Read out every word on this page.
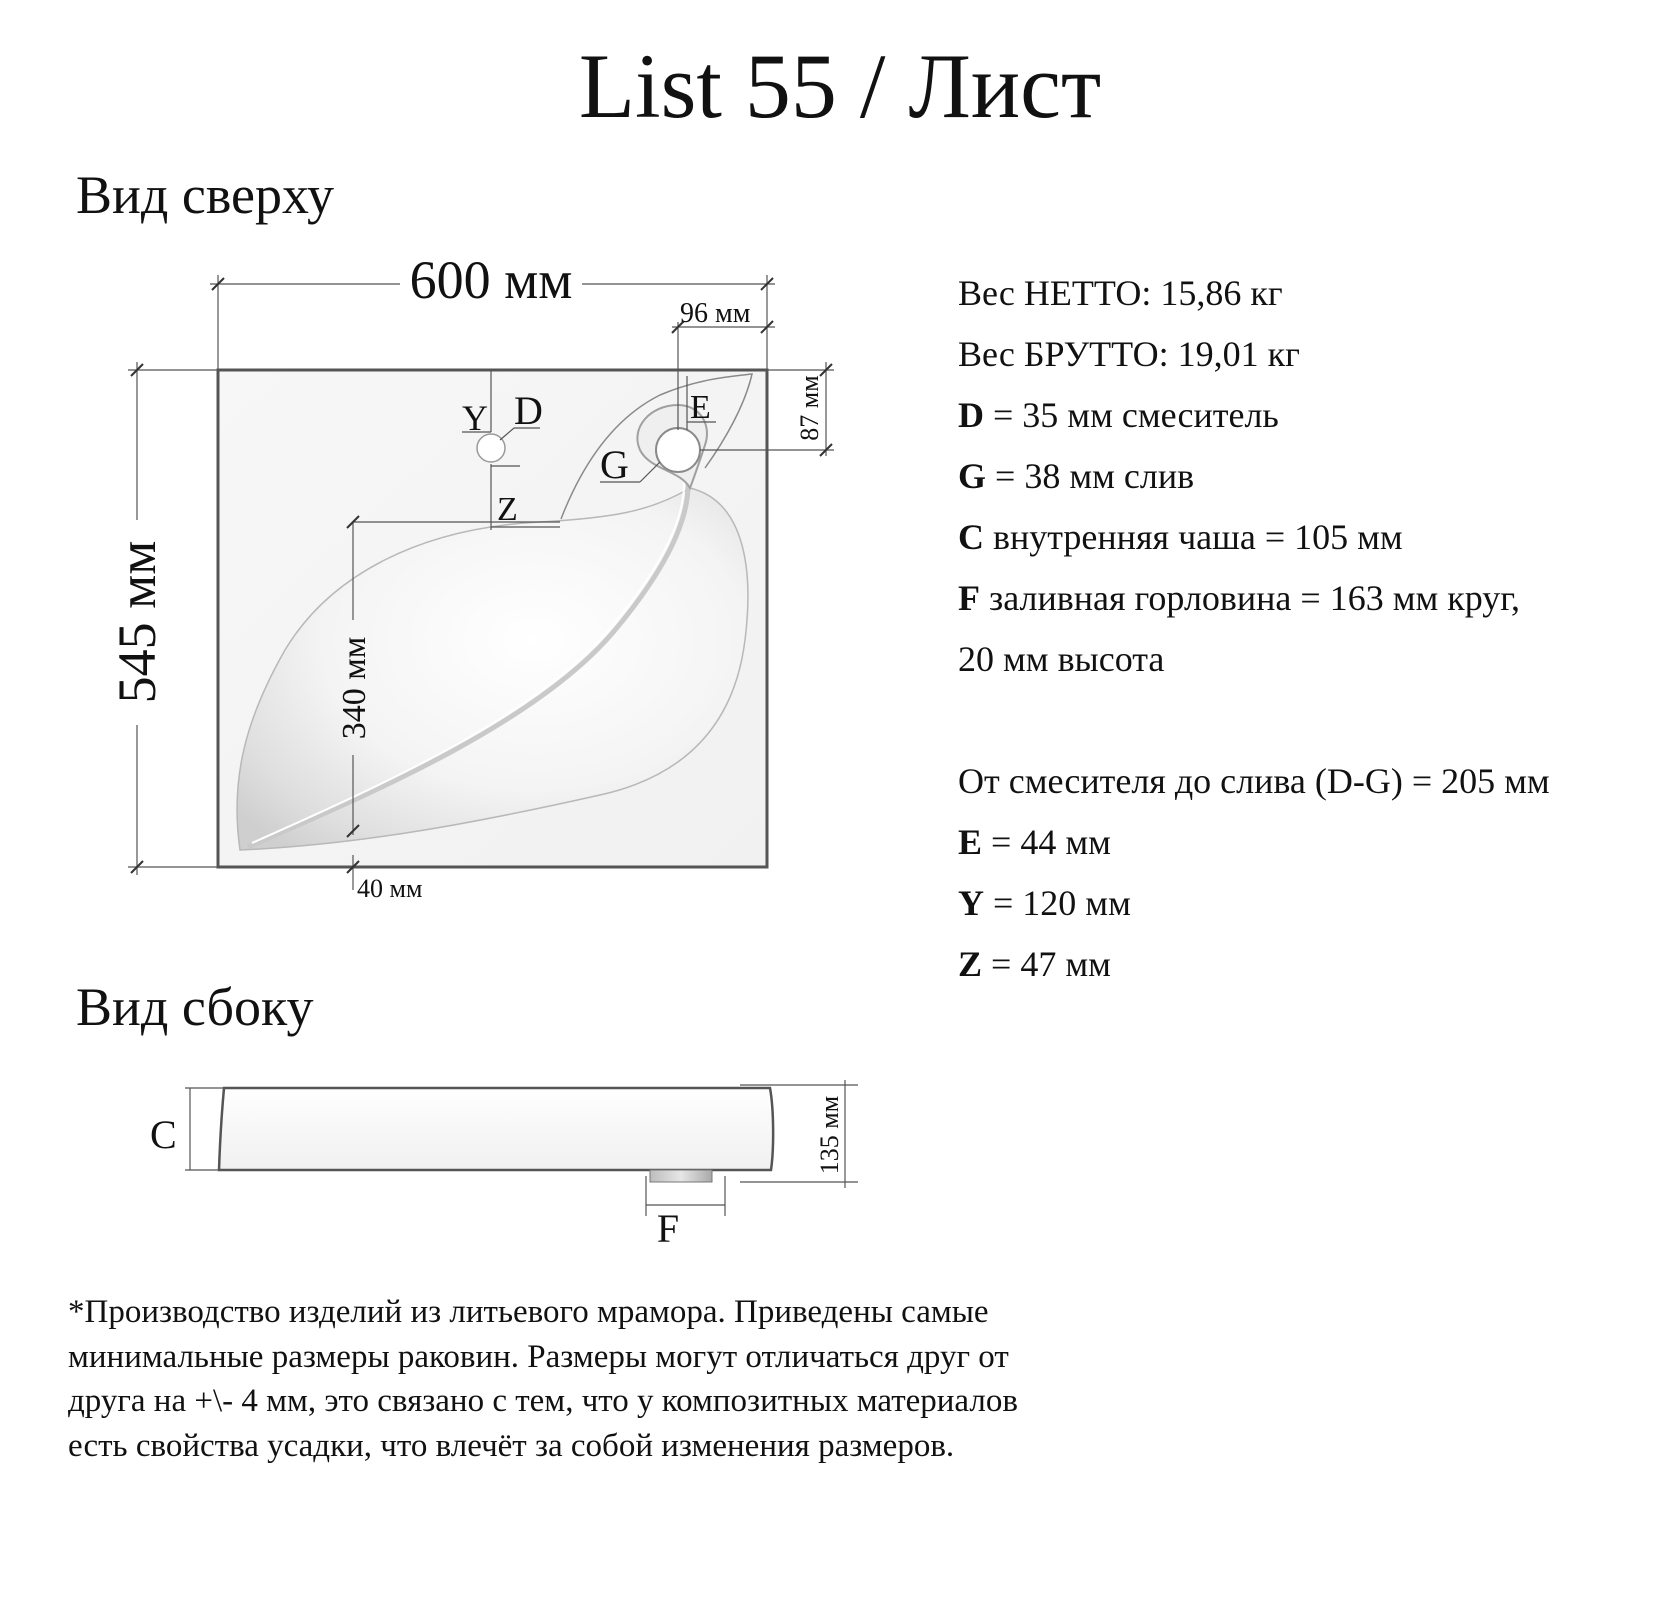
List 55 / Лист
Вид сверху
Вид сбоку
600 мм
545 мм	340 мм
40 мм
96 мм
87 мм
Y D
Z
E
G
C	135 мм
F
Вес НЕТТО: 15,86 кг
Вес БРУТТО: 19,01 кг
D = 35 мм смеситель
G = 38 мм слив
C внутренняя чаша = 105 мм
F заливная горловина = 163 мм круг,
20 мм высота
От смесителя до слива (D-G) = 205 мм
E = 44 мм
Y = 120 мм
Z = 47 мм
*Производство изделий из литьевого мрамора. Приведены самые минимальные размеры раковин. Размеры могут отличаться друг от друга на +\- 4 мм, это связано с тем, что у композитных материалов есть свойства усадки, что влечёт за собой изменения размеров.
